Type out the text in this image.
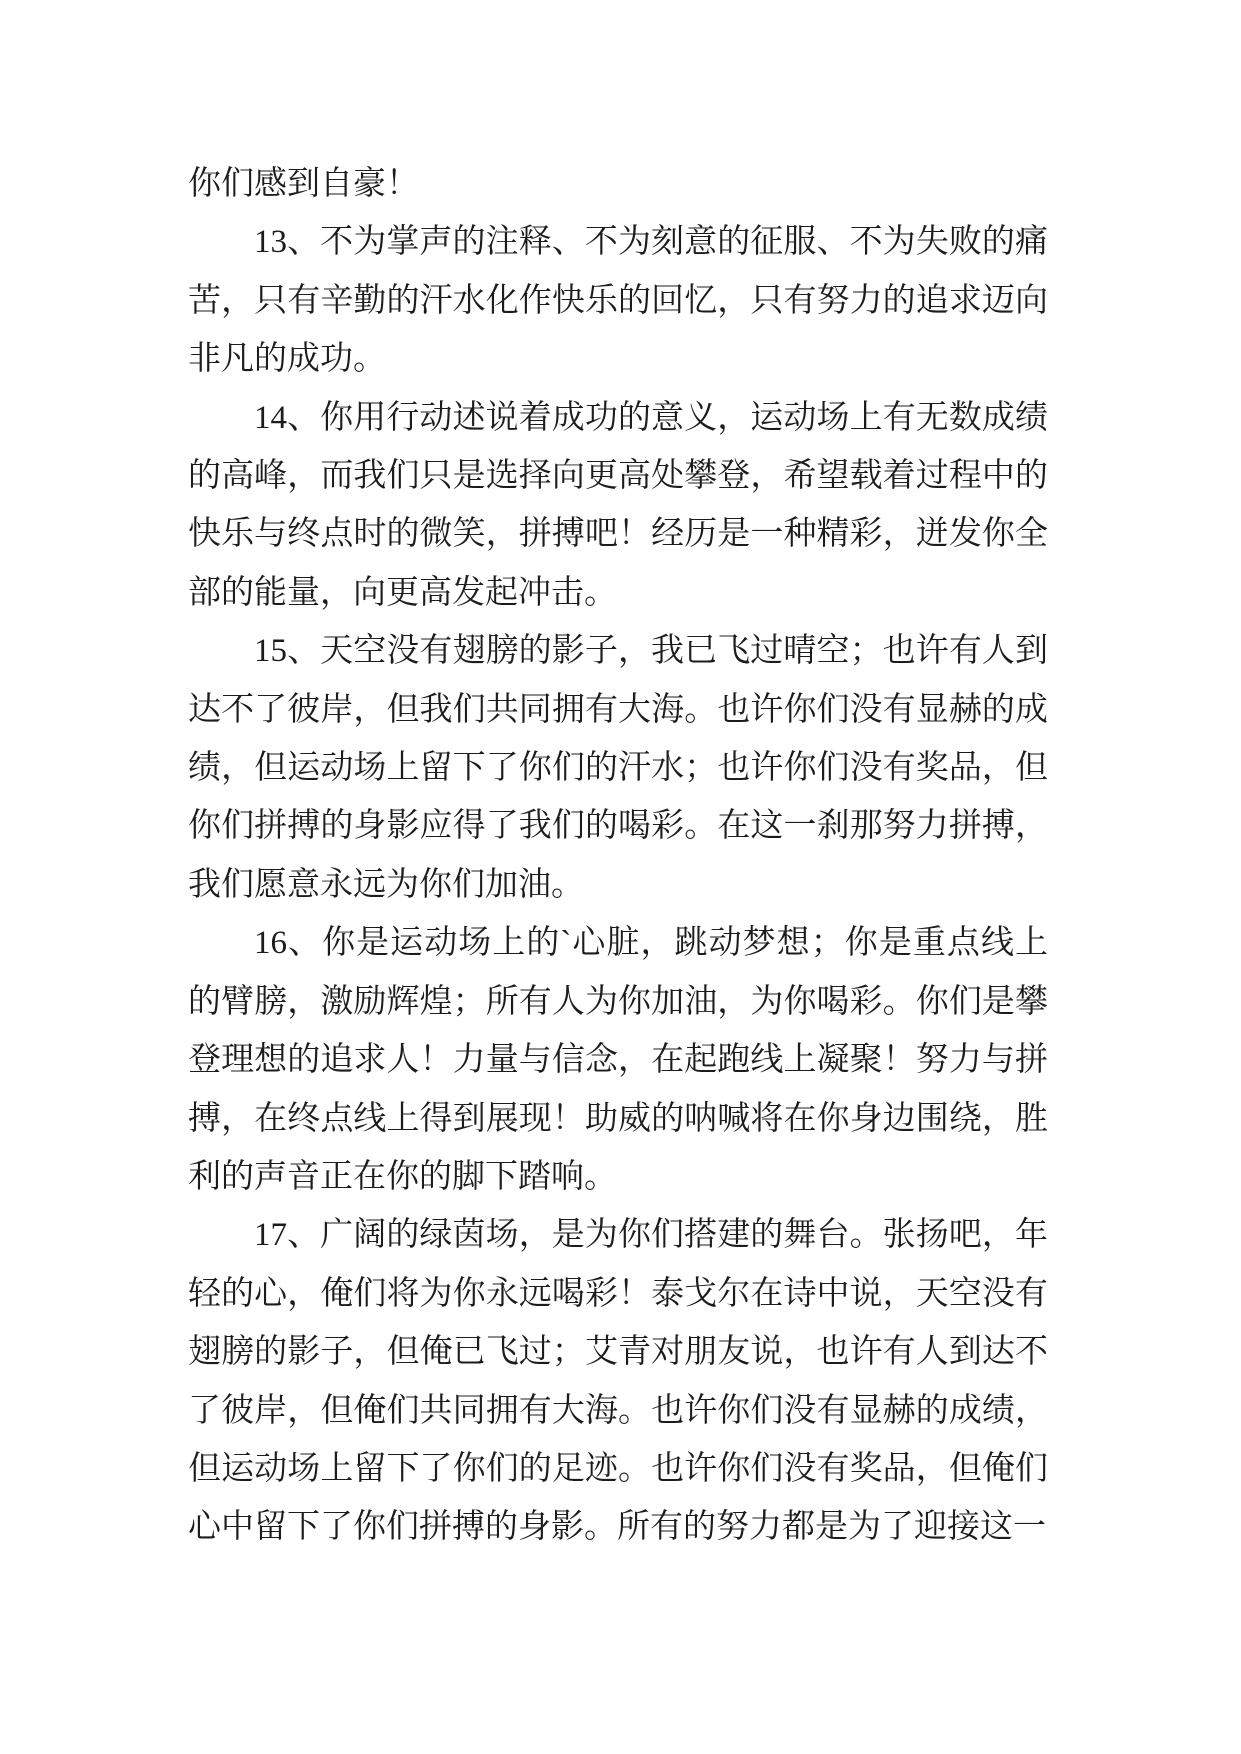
你们感到自豪！

13、不为掌声的注释、不为刻意的征服、不为失败的痛苦，只有辛勤的汗水化作快乐的回忆，只有努力的追求迈向非凡的成功。

14、你用行动述说着成功的意义，运动场上有无数成绩的高峰，而我们只是选择向更高处攀登，希望载着过程中的快乐与终点时的微笑，拼搏吧！经历是一种精彩，迸发你全部的能量，向更高发起冲击。

15、天空没有翅膀的影子，我已飞过晴空；也许有人到达不了彼岸，但我们共同拥有大海。也许你们没有显赫的成绩，但运动场上留下了你们的汗水；也许你们没有奖品，但你们拼搏的身影应得了我们的喝彩。在这一刹那努力拼搏，我们愿意永远为你们加油。

16、你是运动场上的`心脏，跳动梦想；你是重点线上的臂膀，激励辉煌；所有人为你加油，为你喝彩。你们是攀登理想的追求人！力量与信念，在起跑线上凝聚！努力与拼搏，在终点线上得到展现！助威的呐喊将在你身边围绕，胜利的声音正在你的脚下踏响。

17、广阔的绿茵场，是为你们搭建的舞台。张扬吧，年轻的心，俺们将为你永远喝彩！泰戈尔在诗中说，天空没有翅膀的影子，但俺已飞过；艾青对朋友说，也许有人到达不了彼岸，但俺们共同拥有大海。也许你们没有显赫的成绩，但运动场上留下了你们的足迹。也许你们没有奖品，但俺们心中留下了你们拼搏的身影。所有的努力都是为了迎接这一
